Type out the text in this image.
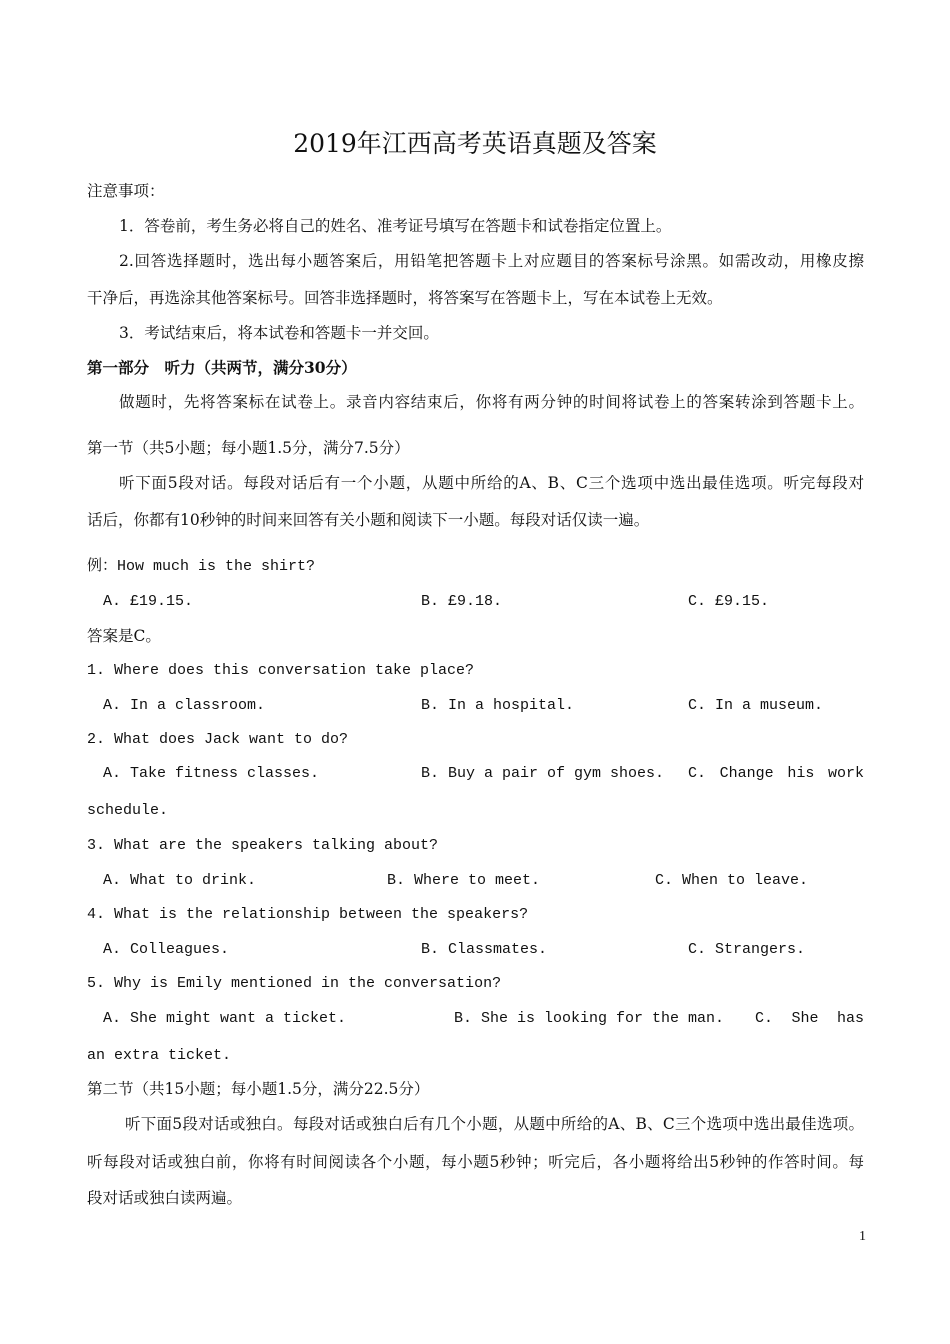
2019年江西高考英语真题及答案
注意事项：
1．答卷前，考生务必将自己的姓名、准考证号填写在答题卡和试卷指定位置上。
2.回答选择题时，选出每小题答案后，用铅笔把答题卡上对应题目的答案标号涂黑。如需改动，用橡皮擦
干净后，再选涂其他答案标号。回答非选择题时，将答案写在答题卡上，写在本试卷上无效。
3．考试结束后，将本试卷和答题卡一并交回。
第一部分　听力（共两节，满分30分）
做题时，先将答案标在试卷上。录音内容结束后，你将有两分钟的时间将试卷上的答案转涂到答题卡上。
第一节（共5小题；每小题1.5分，满分7.5分）
听下面5段对话。每段对话后有一个小题，从题中所给的A、B、C三个选项中选出最佳选项。听完每段对
话后，你都有10秒钟的时间来回答有关小题和阅读下一小题。每段对话仅读一遍。
例：How much is the shirt?
A. £19.15.	B. £9.18.	C. £9.15.
答案是C。
1. Where does this conversation take place?
A. In a classroom.	B. In a hospital.	C. In a museum.
2. What does Jack want to do?
A. Take fitness classes.	B. Buy a pair of gym shoes. C. Change his work
schedule.
3. What are the speakers talking about?
A. What to drink.	B. Where to meet.	C. When to leave.
4. What is the relationship between the speakers?
A. Colleagues.	B. Classmates.	C. Strangers.
5. Why is Emily mentioned in the conversation?
A. She might want a ticket.	B. She is looking for the man. C. She has
an extra ticket.
第二节（共15小题；每小题1.5分，满分22.5分）
听下面5段对话或独白。每段对话或独白后有几个小题，从题中所给的A、B、C三个选项中选出最佳选项。
听每段对话或独白前，你将有时间阅读各个小题，每小题5秒钟；听完后，各小题将给出5秒钟的作答时间。每
段对话或独白读两遍。
1
